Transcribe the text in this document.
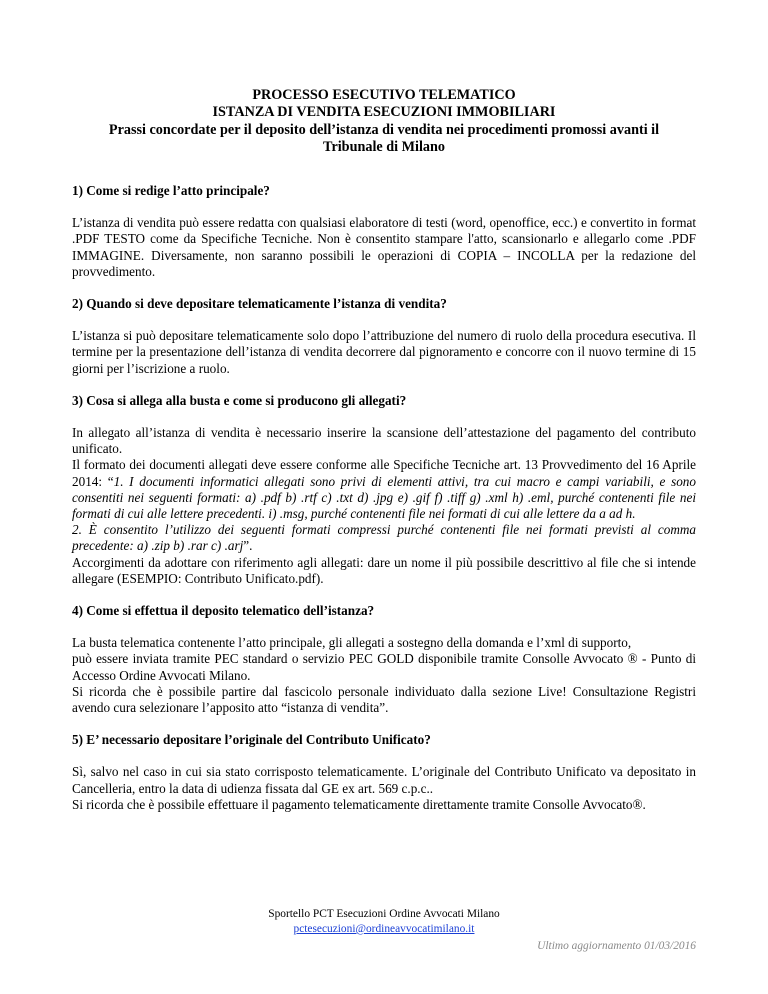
PROCESSO ESECUTIVO TELEMATICO
ISTANZA DI VENDITA ESECUZIONI IMMOBILIARI
Prassi concordate per il deposito dell’istanza di vendita nei procedimenti promossi avanti il
Tribunale di Milano
1) Come si redige l’atto principale?

L’istanza di vendita può essere redatta con qualsiasi elaboratore di testi (word, openoffice, ecc.) e convertito in format .PDF TESTO come da Specifiche Tecniche. Non è consentito stampare l'atto, scansionarlo e allegarlo come .PDF IMMAGINE. Diversamente, non saranno possibili le operazioni di COPIA – INCOLLA per la redazione del provvedimento.

2) Quando si deve depositare telematicamente l’istanza di vendita?

L’istanza si può depositare telematicamente solo dopo l’attribuzione del numero di ruolo della procedura esecutiva. Il termine per la presentazione dell’istanza di vendita decorrere dal pignoramento e concorre con il nuovo termine di 15 giorni per l’iscrizione a ruolo.

3) Cosa si allega alla busta e come si producono gli allegati?

In allegato all’istanza di vendita è necessario inserire la scansione dell’attestazione del pagamento del contributo unificato.

Il formato dei documenti allegati deve essere conforme alle Specifiche Tecniche art. 13 Provvedimento del 16 Aprile 2014: “1. I documenti informatici allegati sono privi di elementi attivi, tra cui macro e campi variabili, e sono consentiti nei seguenti formati: a) .pdf b) .rtf c) .txt d) .jpg e) .gif f) .tiff g) .xml h) .eml, purché contenenti file nei formati di cui alle lettere precedenti. i) .msg, purché contenenti file nei formati di cui alle lettere da a ad h.
2. È consentito l’utilizzo dei seguenti formati compressi purché contenenti file nei formati previsti al comma precedente: a) .zip b) .rar c) .arj”.

Accorgimenti da adottare con riferimento agli allegati: dare un nome il più possibile descrittivo al file che si intende allegare (ESEMPIO: Contributo Unificato.pdf).

4) Come si effettua il deposito telematico dell’istanza?

La busta telematica contenente l’atto principale, gli allegati a sostegno della domanda e l’xml di supporto,

può essere inviata tramite PEC standard o servizio PEC GOLD disponibile tramite Consolle Avvocato ® - Punto di Accesso Ordine Avvocati Milano.

Si ricorda che è possibile partire dal fascicolo personale individuato dalla sezione Live! Consultazione Registri avendo cura selezionare l’apposito atto “istanza di vendita”.

5) E’ necessario depositare l’originale del Contributo Unificato?

Sì, salvo nel caso in cui sia stato corrisposto telematicamente. L’originale del Contributo Unificato va depositato in Cancelleria, entro la data di udienza fissata dal GE ex art. 569 c.p.c..

Si ricorda che è possibile effettuare il pagamento telematicamente direttamente tramite Consolle Avvocato®.

Sportello PCT Esecuzioni Ordine Avvocati Milano
pctesecuzioni@ordineavvocatimilano.it
Ultimo aggiornamento 01/03/2016
